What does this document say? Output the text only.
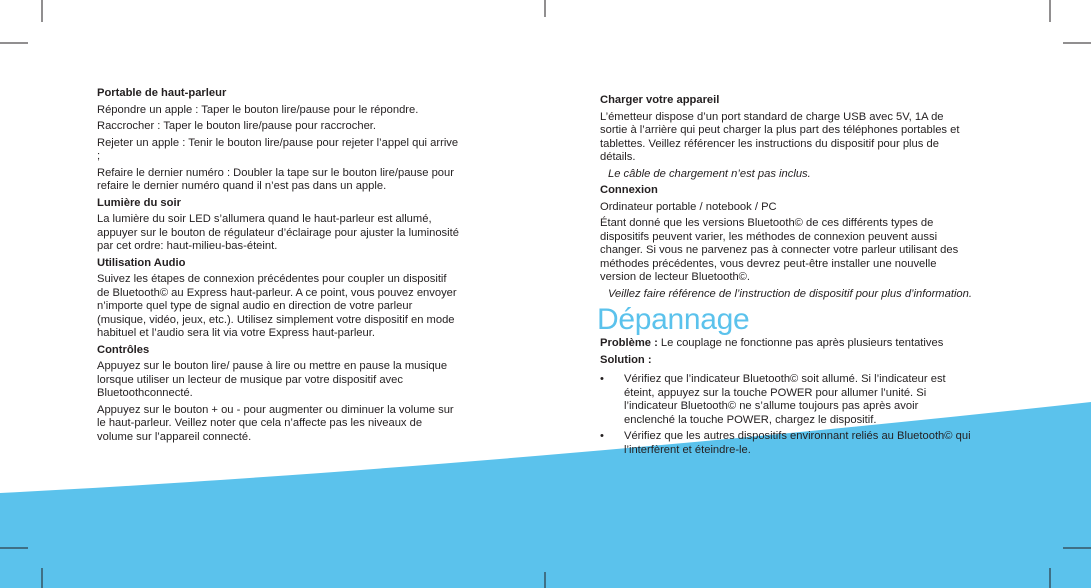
Portable de haut-parleur

Répondre un apple : Taper le bouton lire/pause pour le répondre.

Raccrocher : Taper le bouton lire/pause pour raccrocher.

Rejeter un apple : Tenir le bouton lire/pause pour rejeter l’appel qui arrive ;

Refaire le dernier numéro : Doubler la tape sur le bouton lire/pause pour refaire le dernier numéro quand il n’est pas dans un apple.

Lumière du soir

La lumière du soir LED s’allumera quand le haut-parleur est allumé, appuyer sur le bouton de régulateur d’éclairage pour ajuster la luminosité par cet ordre: haut-milieu-bas-éteint.

Utilisation Audio

Suivez les étapes de connexion précédentes pour coupler un dispositif de Bluetooth© au Express haut-parleur. A ce point, vous pouvez envoyer n’importe quel type de signal audio en direction de votre parleur (musique, vidéo, jeux, etc.). Utilisez simplement votre dispositif en mode habituel et l’audio sera lit via votre Express haut-parleur.

Contrôles

Appuyez sur le bouton lire/ pause à lire ou mettre en pause la musique lorsque utiliser un lecteur de musique par votre dispositif avec Bluetoothconnecté.

Appuyez sur le bouton + ou - pour augmenter ou diminuer la volume sur le haut-parleur. Veillez noter que cela n’affecte pas les niveaux de volume sur l’appareil connecté.

Charger votre appareil

L’émetteur dispose d’un port standard de charge USB avec 5V, 1A de sortie à l’arrière qui peut charger la plus part des téléphones portables et tablettes. Veillez référencer les instructions du dispositif pour plus de détails.

Le câble de chargement n’est pas inclus.

Connexion

Ordinateur portable / notebook / PC

Étant donné que les versions Bluetooth© de ces différents types de dispositifs peuvent varier, les méthodes de connexion peuvent aussi changer. Si vous ne parvenez pas à connecter votre parleur utilisant des méthodes précédentes, vous devrez peut-être installer une nouvelle version de lecteur Bluetooth©.

Veillez faire référence de l’instruction de dispositif pour plus d’information.

Dépannage

Problème : Le couplage ne fonctionne pas après plusieurs tentatives

Solution :

• Vérifiez que l’indicateur Bluetooth© soit allumé. Si l’indicateur est éteint, appuyez sur la touche POWER pour allumer l’unité. Si l’indicateur Bluetooth© ne s’allume toujours pas après avoir enclenché la touche POWER, chargez le dispositif.
• Vérifiez que les autres dispositifs environnant reliés au Bluetooth© qui l’interfèrent et éteindre-le.
